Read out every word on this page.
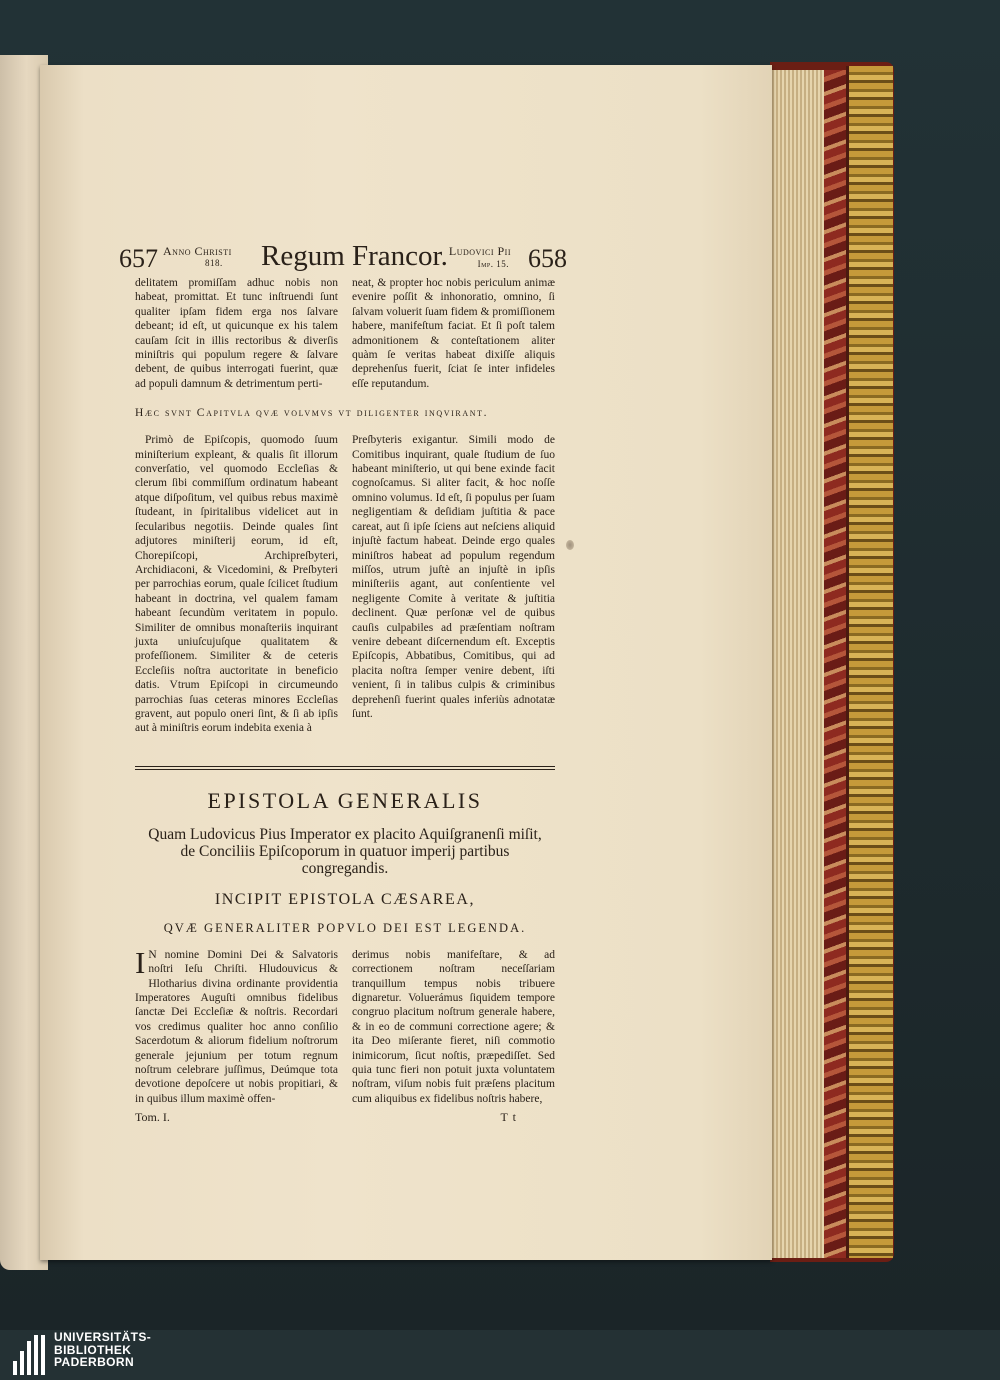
657 Anno Christi
818.	Regum Francor. Ludovici Pii
Imp. 15. 658

delitatem promiſſam adhuc nobis non habeat, promittat. Et tunc inſtruendi ſunt qualiter ipſam fidem erga nos ſalvare debeant; id eſt, ut quicunque ex his talem cauſam ſcit in illis rectoribus & diverſis miniſtris qui populum regere & ſalvare debent, de quibus interrogati fuerint, quæ ad populi damnum & detrimentum perti-

neat, & propter hoc nobis periculum animæ evenire poſſit & inhonoratio, omnino, ſi ſalvam voluerit ſuam fidem & promiſſionem habere, manifeſtum faciat. Et ſi poſt talem admonitionem & conteſtationem aliter quàm ſe veritas habeat dixiſſe aliquis deprehenſus fuerit, ſciat ſe inter infideles eſſe reputandum.

Hæc svnt Capitvla qvæ volvmvs vt diligenter inqvirant.

Primò de Epiſcopis, quomodo ſuum miniſterium expleant, & qualis ſit illorum converſatio, vel quomodo Eccleſias & clerum ſibi commiſſum ordinatum habeant atque diſpoſitum, vel quibus rebus maximè ſtudeant, in ſpiritalibus videlicet aut in ſecularibus negotiis. Deinde quales ſint adjutores miniſterij eorum, id eſt, Chorepiſcopi, Archipreſbyteri, Archidiaconi, & Vicedomini, & Preſbyteri per parrochias eorum, quale ſcilicet ſtudium habeant in doctrina, vel qualem famam habeant ſecundùm veritatem in populo. Similiter de omnibus monaſteriis inquirant juxta uniuſcujuſque qualitatem & profeſſionem. Similiter & de ceteris Eccleſiis noſtra auctoritate in beneficio datis. Vtrum Epiſcopi in circumeundo parrochias ſuas ceteras minores Eccleſias gravent, aut populo oneri ſint, & ſi ab ipſis aut à miniſtris eorum indebita exenia à

Preſbyteris exigantur. Simili modo de Comitibus inquirant, quale ſtudium de ſuo habeant miniſterio, ut qui bene exinde facit cognoſcamus. Si aliter facit, & hoc noſſe omnino volumus. Id eſt, ſi populus per ſuam negligentiam & deſidiam juſtitia & pace careat, aut ſi ipſe ſciens aut neſciens aliquid injuſtè factum habeat. Deinde ergo quales miniſtros habeat ad populum regendum miſſos, utrum juſtè an injuſtè in ipſis miniſteriis agant, aut conſentiente vel negligente Comite à veritate & juſtitia declinent. Quæ perſonæ vel de quibus cauſis culpabiles ad præſentiam noſtram venire debeant diſcernendum eſt. Exceptis Epiſcopis, Abbatibus, Comitibus, qui ad placita noſtra ſemper venire debent, iſti venient, ſi in talibus culpis & criminibus deprehenſi fuerint quales inferiùs adnotatæ ſunt.

EPISTOLA GENERALIS
Quam Ludovicus Pius Imperator ex placito Aquiſgranenſi miſit, de Conciliis Epiſcoporum in quatuor imperij partibus congregandis.
INCIPIT EPISTOLA CÆSAREA,
QVÆ GENERALITER POPVLO DEI EST LEGENDA.
I N nomine Domini Dei & Salvatoris noſtri Ieſu Chriſti. Hludouvicus & Hlotharius divina ordinante providentia Imperatores Auguſti omnibus fidelibus ſanctæ Dei Eccleſiæ & noſtris. Recordari vos credimus qualiter hoc anno conſilio Sacerdotum & aliorum fidelium noſtrorum generale jejunium per totum regnum noſtrum celebrare juſſimus, Deúmque tota devotione depoſcere ut nobis propitiari, & in quibus illum maximè offen-

derimus nobis manifeſtare, & ad correctionem noſtram neceſſariam tranquillum tempus nobis tribuere dignaretur. Voluerámus ſiquidem tempore congruo placitum noſtrum generale habere, & in eo de communi correctione agere; & ita Deo miſerante fieret, niſi commotio inimicorum, ſicut noſtis, præpediſſet. Sed quia tunc fieri non potuit juxta voluntatem noſtram, viſum nobis fuit præſens placitum cum aliquibus ex fidelibus noſtris habere,

Tom. I.	T t
UNIVERSITÄTS-
BIBLIOTHEK
PADERBORN
